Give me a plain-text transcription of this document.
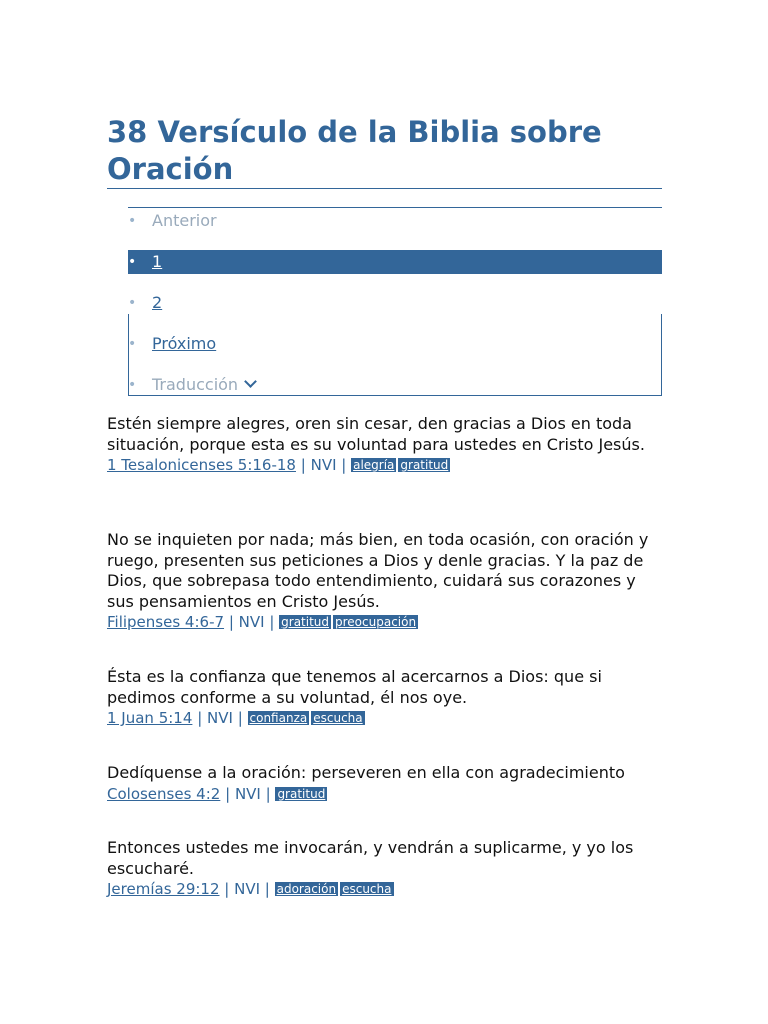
38 Versículo de la Biblia sobre Oración
• Anterior
• 1
• 2
• Próximo
• Traducción

Estén siempre alegres, oren sin cesar, den gracias a Dios en toda situación, porque esta es su voluntad para ustedes en Cristo Jesús.

1 Tesalonicenses 5:16-18 | NVI | alegría gratitud

No se inquieten por nada; más bien, en toda ocasión, con oración y ruego, presenten sus peticiones a Dios y denle gracias. Y la paz de Dios, que sobrepasa todo entendimiento, cuidará sus corazones y sus pensamientos en Cristo Jesús.

Filipenses 4:6-7 | NVI | gratitud preocupación

Ésta es la confianza que tenemos al acercarnos a Dios: que si pedimos conforme a su voluntad, él nos oye.

1 Juan 5:14 | NVI | confianza escucha

Dedíquense a la oración: perseveren en ella con agradecimiento

Colosenses 4:2 | NVI | gratitud

Entonces ustedes me invocarán, y vendrán a suplicarme, y yo los escucharé.

Jeremías 29:12 | NVI | adoración escucha
